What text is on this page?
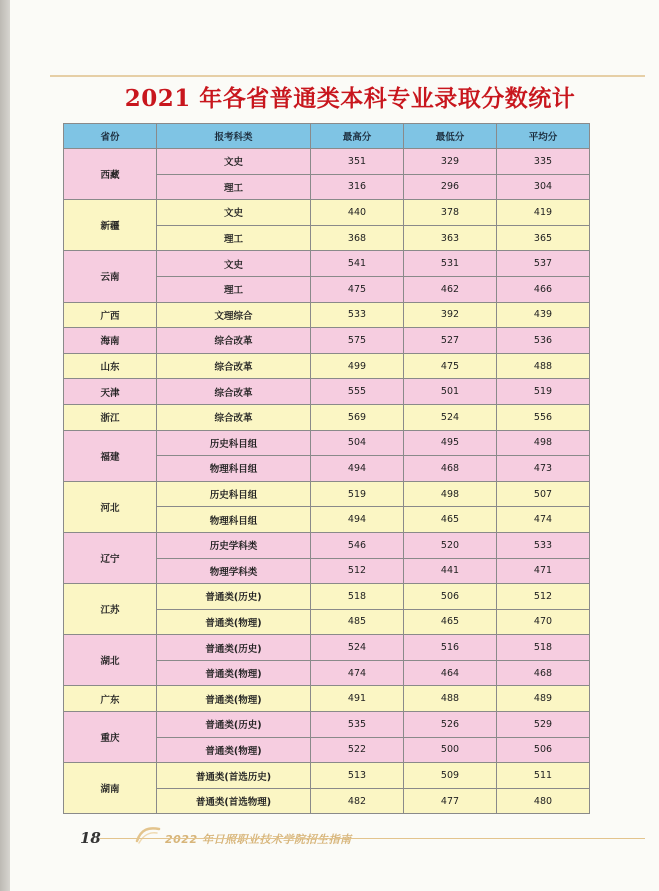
2021 年各省普通类本科专业录取分数统计
省份	报考科类	最高分	最低分	平均分
西藏	文史	351	329	335
	理工	316	296	304
新疆	文史	440	378	419
	理工	368	363	365
云南	文史	541	531	537
	理工	475	462	466
广西	文理综合	533	392	439
海南	综合改革	575	527	536
山东	综合改革	499	475	488
天津	综合改革	555	501	519
浙江	综合改革	569	524	556
福建	历史科目组	504	495	498
	物理科目组	494	468	473
河北	历史科目组	519	498	507
	物理科目组	494	465	474
辽宁	历史学科类	546	520	533
	物理学科类	512	441	471
江苏	普通类(历史)	518	506	512
	普通类(物理)	485	465	470
湖北	普通类(历史)	524	516	518
	普通类(物理)	474	464	468
广东	普通类(物理)	491	488	489
重庆	普通类(历史)	535	526	529
	普通类(物理)	522	500	506
湖南	普通类(首选历史)	513	509	511
	普通类(首选物理)	482	477	480
18	2022 年日照职业技术学院招生指南
